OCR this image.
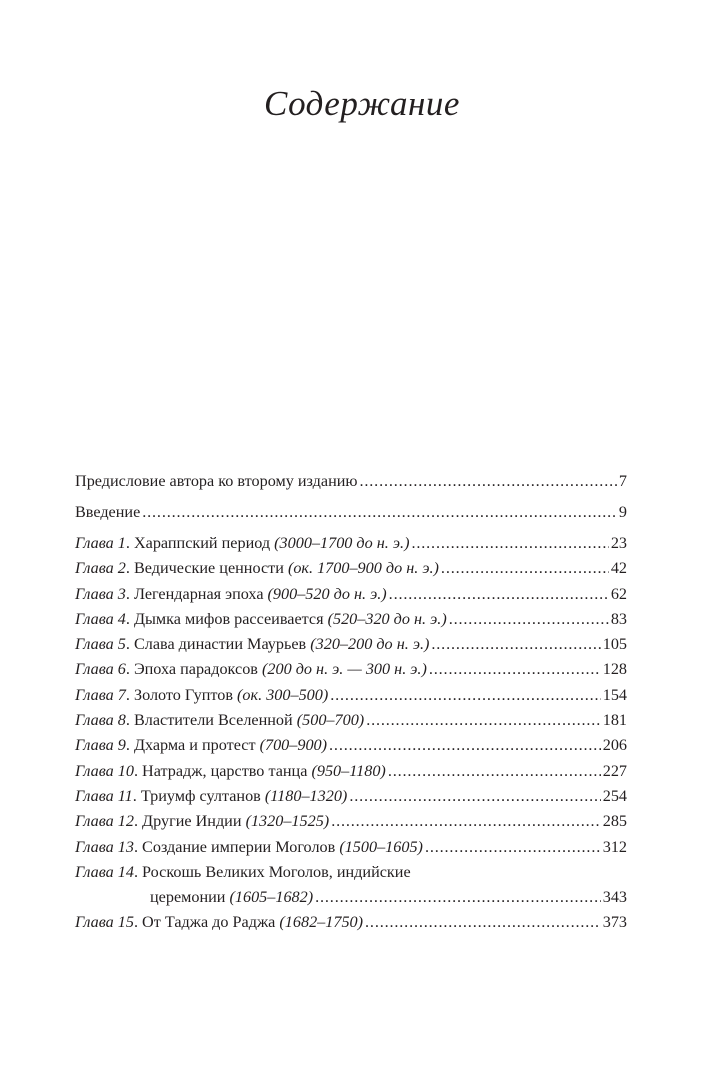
Содержание
Предисловие автора ко второму изданию . . .	7
Введение . . .	9
Глава 1. Хараппский период (3000–1700 до н. э.) . . .	23
Глава 2. Ведические ценности (ок. 1700–900 до н. э.) . . .	42
Глава 3. Легендарная эпоха (900–520 до н. э.) . . .	62
Глава 4. Дымка мифов рассеивается (520–320 до н. э.) . . .	83
Глава 5. Слава династии Маурьев (320–200 до н. э.) . . .	105
Глава 6. Эпоха парадоксов (200 до н. э. — 300 н. э.) . . .	128
Глава 7. Золото Гуптов (ок. 300–500) . . .	154
Глава 8. Властители Вселенной (500–700) . . .	181
Глава 9. Дхарма и протест (700–900) . . .	206
Глава 10. Натрадж, царство танца (950–1180) . . .	227
Глава 11. Триумф султанов (1180–1320) . . .	254
Глава 12. Другие Индии (1320–1525) . . .	285
Глава 13. Создание империи Моголов (1500–1605) . . .	312
Глава 14. Роскошь Великих Моголов, индийские
церемонии (1605–1682) . . .	343
Глава 15. От Таджа до Раджа (1682–1750) . . .	373
